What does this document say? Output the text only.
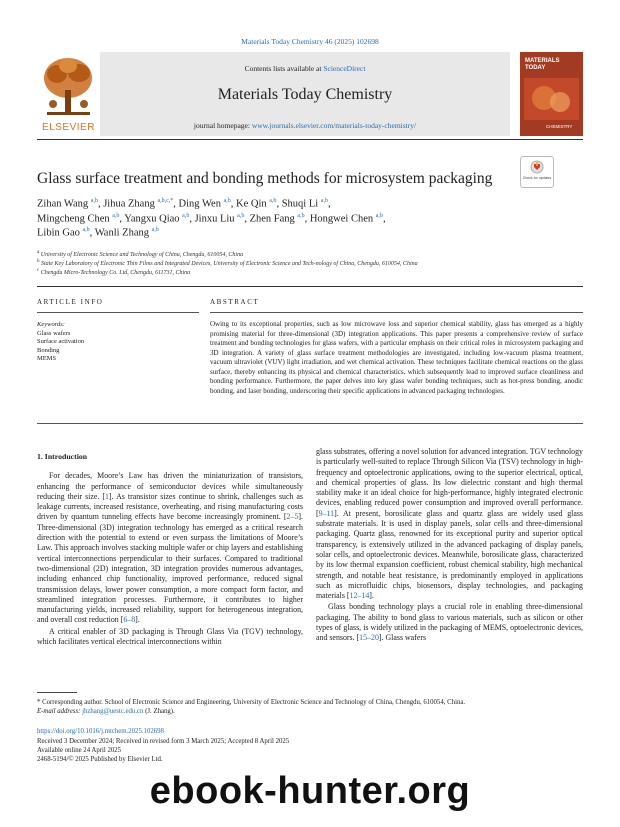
Materials Today Chemistry 46 (2025) 102698
ELSEVIER
Contents lists available at ScienceDirect
Materials Today Chemistry
journal homepage: www.journals.elsevier.com/materials-today-chemistry/
MATERIALS TODAY
CHEMISTRY
Glass surface treatment and bonding methods for microsystem packaging	Check for updates
Zihan Wang $^{a,b}$, Jihua Zhang $^{a,b,c,*}$, Ding Wen $^{a,b}$, Ke Qin $^{a,b}$, Shuqi Li $^{a,b}$,
Mingcheng Chen $^{a,b}$, Yangxu Qiao $^{a,b}$, Jinxu Liu $^{a,b}$, Zhen Fang $^{a,b}$, Hongwei Chen $^{a,b}$,
Libin Gao $^{a,b}$, Wanli Zhang $^{a,b}$
$^a$ University of Electronic Science and Technology of China, Chengdu, 610054, China
$^b$ State Key Laboratory of Electronic Thin Films and Integrated Devices, University of Electronic Science and Tech-nology of China, Chengdu, 610054, China
$^c$ Chengdu Micro-Technology Co. Ltd, Chengdu, 611731, China
ARTICLE INFO	ABSTRACT
Keywords:
Glass wafers
Surface activation
Bonding
MEMS
Owing to its exceptional properties, such as low microwave loss and superior chemical stability, glass has emerged as a highly promising material for three-dimensional (3D) integration applications. This paper presents a comprehensive review of surface treatment and bonding technologies for glass wafers, with a particular emphasis on their critical roles in microsystem packaging and 3D integration. A variety of glass surface treatment methodologies are investigated, including low-vacuum plasma treatment, vacuum ultraviolet (VUV) light irradiation, and wet chemical activation. These techniques facilitate chemical reactions on the glass surface, thereby enhancing its physical and chemical characteristics, which subsequently lead to improved surface cleanliness and bonding performance. Furthermore, the paper delves into key glass wafer bonding techniques, such as hot-press bonding, anodic bonding, and laser bonding, underscoring their specific applications in advanced packaging technologies.
1. Introduction

For decades, Moore’s Law has driven the miniaturization of transistors, enhancing the performance of semiconductor devices while simultaneously reducing their size. [1]. As transistor sizes continue to shrink, challenges such as leakage currents, increased resistance, overheating, and rising manufacturing costs driven by quantum tunneling effects have become increasingly prominent. [2–5]. Three-dimensional (3D) integration technology has emerged as a critical research direction with the potential to extend or even surpass the limitations of Moore’s Law. This approach involves stacking multiple wafer or chip layers and establishing vertical interconnections perpendicular to their surfaces. Compared to traditional two-dimensional (2D) integration, 3D integration provides numerous advantages, including enhanced chip functionality, improved performance, reduced signal transmission delays, lower power consumption, a more compact form factor, and streamlined integration processes. Furthermore, it contributes to higher manufacturing yields, increased reliability, support for heterogeneous integration, and overall cost reduction [6–8].

A critical enabler of 3D packaging is Through Glass Via (TGV) technology, which facilitates vertical electrical interconnections within

glass substrates, offering a novel solution for advanced integration. TGV technology is particularly well-suited to replace Through Silicon Via (TSV) technology in high-frequency and optoelectronic applications, owing to the superior electrical, optical, and chemical properties of glass. Its low dielectric constant and high thermal stability make it an ideal choice for high-performance, highly integrated electronic devices, enabling reduced power consumption and improved overall performance. [9–11]. At present, borosilicate glass and quartz glass are widely used glass substrate materials. It is used in display panels, solar cells and three-dimensional packaging. Quartz glass, renowned for its exceptional purity and superior optical transparency, is extensively utilized in the advanced packaging of display panels, solar cells, and optoelectronic devices. Meanwhile, borosilicate glass, characterized by its low thermal expansion coefficient, robust chemical stability, high mechanical strength, and notable heat resistance, is predominantly employed in applications such as microfluidic chips, biosensors, display technologies, and packaging materials [12–14].

Glass bonding technology plays a crucial role in enabling three-dimensional packaging. The ability to bond glass to various materials, such as silicon or other types of glass, is widely utilized in the packaging of MEMS, optoelectronic devices, and sensors. [15–20]. Glass wafers

* Corresponding author. School of Electronic Science and Engineering, University of Electronic Science and Technology of China, Chengdu, 610054, China.
E-mail address: jhzhang@uestc.edu.cn (J. Zhang).
https://doi.org/10.1016/j.mtchem.2025.102698
Received 3 December 2024; Received in revised form 3 March 2025; Accepted 8 April 2025
Available online 24 April 2025
2468-5194/© 2025 Published by Elsevier Ltd.
ebook-hunter.org
